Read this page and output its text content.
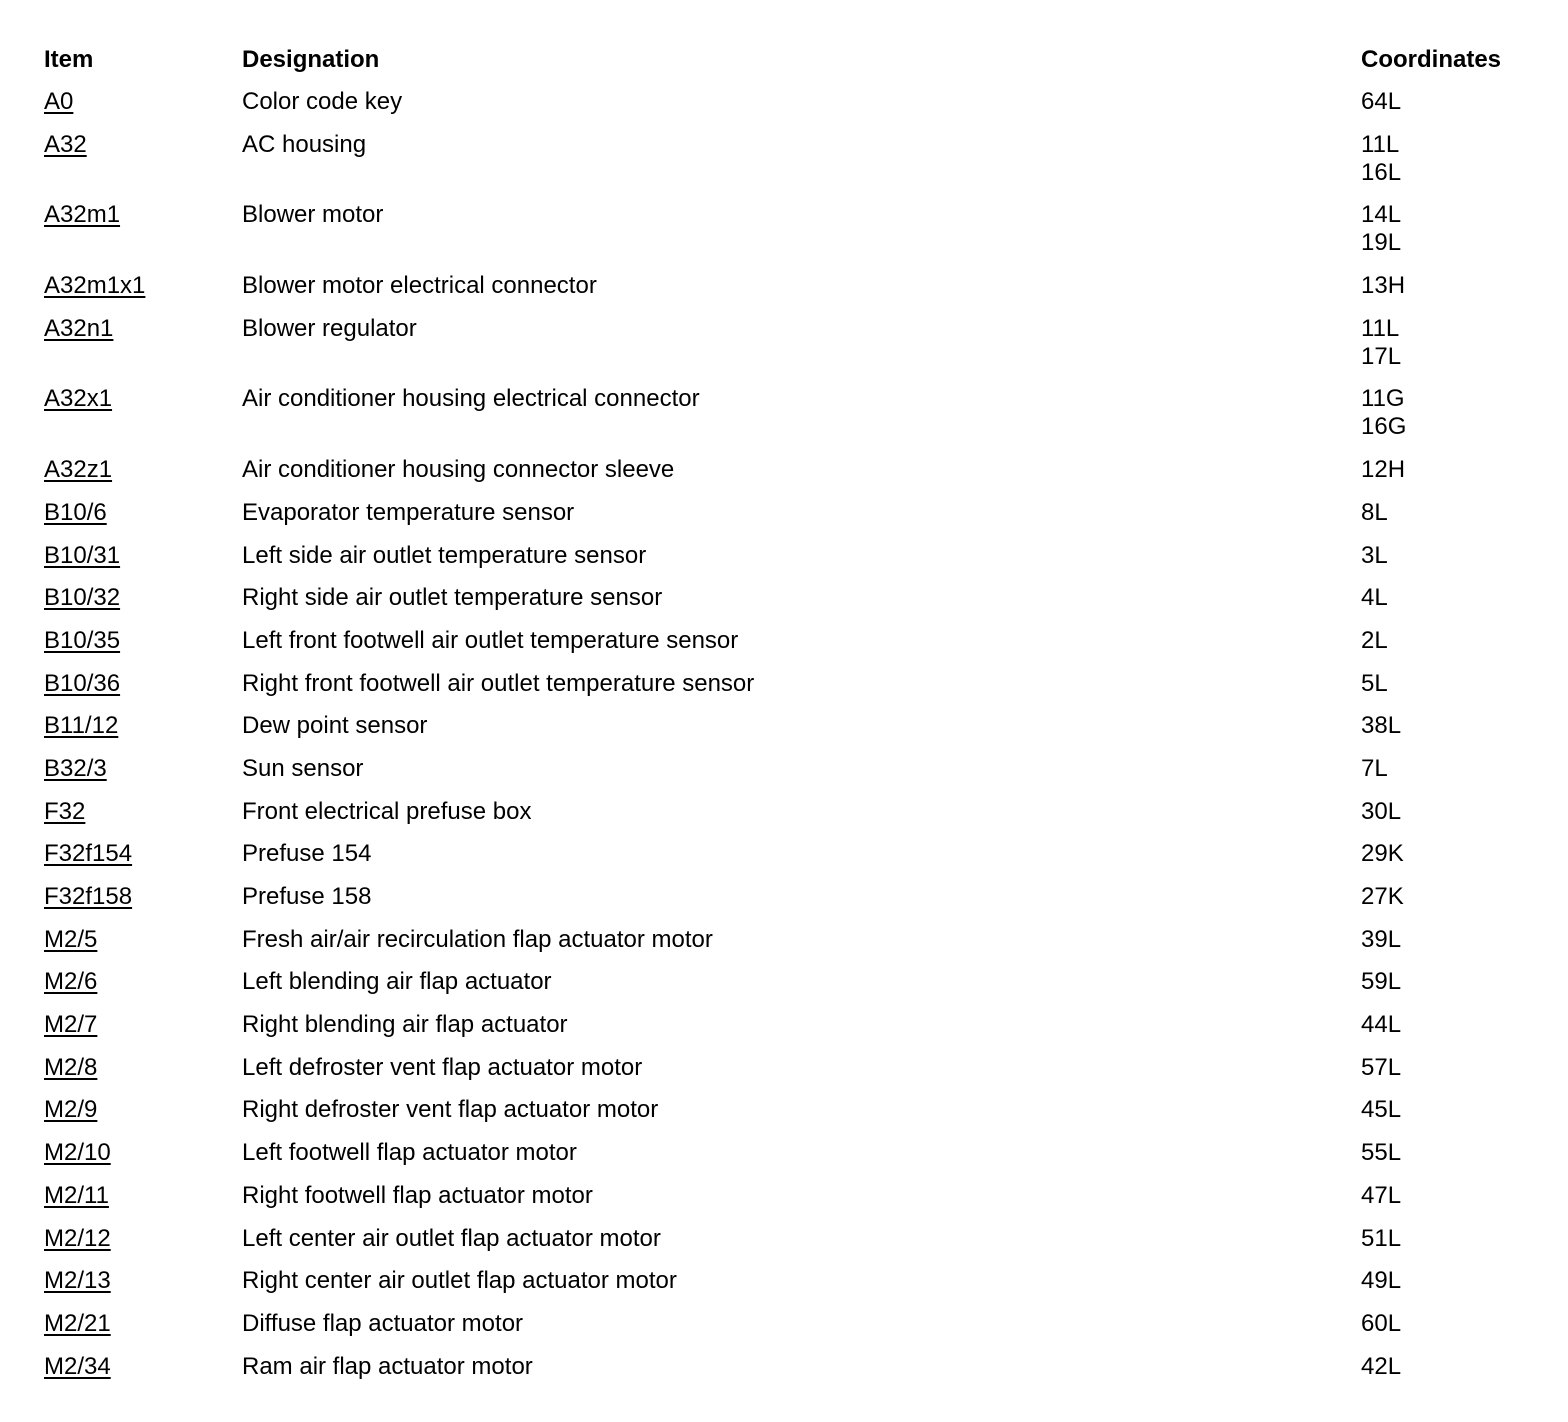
Item	Designation	Coordinates
A0	Color code key	64L
A32	AC housing	11L
16L
A32m1	Blower motor	14L
19L
A32m1x1	Blower motor electrical connector	13H
A32n1	Blower regulator	11L
17L
A32x1	Air conditioner housing electrical connector	11G
16G
A32z1	Air conditioner housing connector sleeve	12H
B10/6	Evaporator temperature sensor	8L
B10/31	Left side air outlet temperature sensor	3L
B10/32	Right side air outlet temperature sensor	4L
B10/35	Left front footwell air outlet temperature sensor	2L
B10/36	Right front footwell air outlet temperature sensor	5L
B11/12	Dew point sensor	38L
B32/3	Sun sensor	7L
F32	Front electrical prefuse box	30L
F32f154	Prefuse 154	29K
F32f158	Prefuse 158	27K
M2/5	Fresh air/air recirculation flap actuator motor	39L
M2/6	Left blending air flap actuator	59L
M2/7	Right blending air flap actuator	44L
M2/8	Left defroster vent flap actuator motor	57L
M2/9	Right defroster vent flap actuator motor	45L
M2/10	Left footwell flap actuator motor	55L
M2/11	Right footwell flap actuator motor	47L
M2/12	Left center air outlet flap actuator motor	51L
M2/13	Right center air outlet flap actuator motor	49L
M2/21	Diffuse flap actuator motor	60L
M2/34	Ram air flap actuator motor	42L
